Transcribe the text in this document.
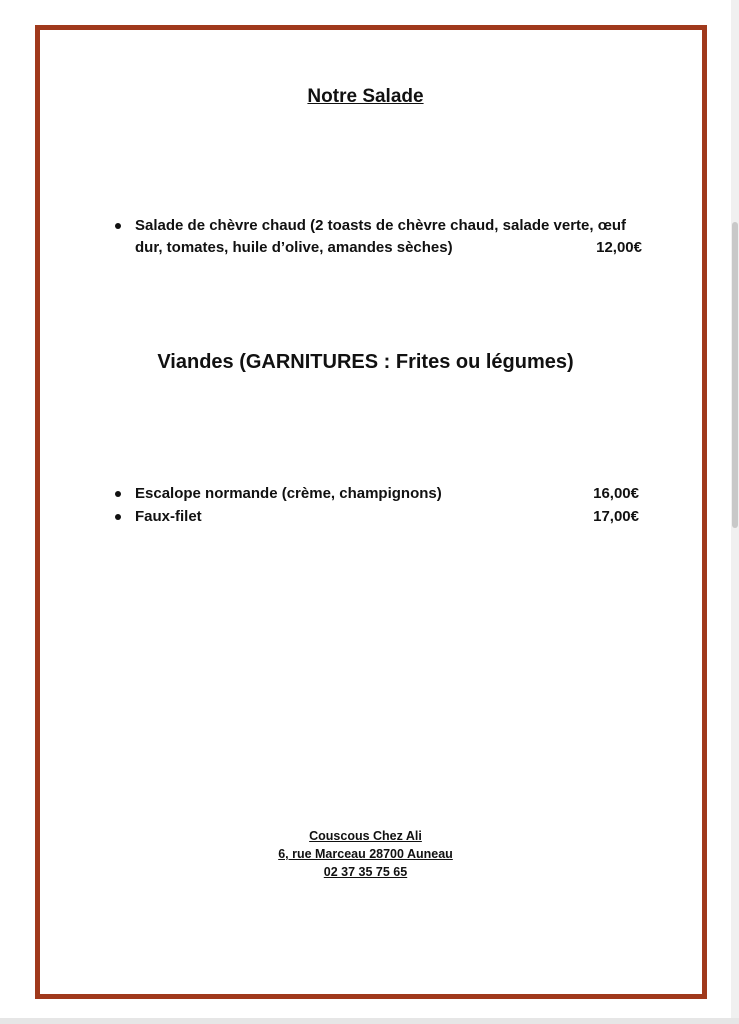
Notre Salade
Salade de chèvre chaud (2 toasts de chèvre chaud, salade verte, œuf
dur, tomates, huile d’olive, amandes sèches)	12,00€
Viandes (GARNITURES : Frites ou légumes)
Escalope normande (crème, champignons)	16,00€
Faux-filet	17,00€
Couscous Chez Ali
6, rue Marceau 28700 Auneau
02 37 35 75 65
